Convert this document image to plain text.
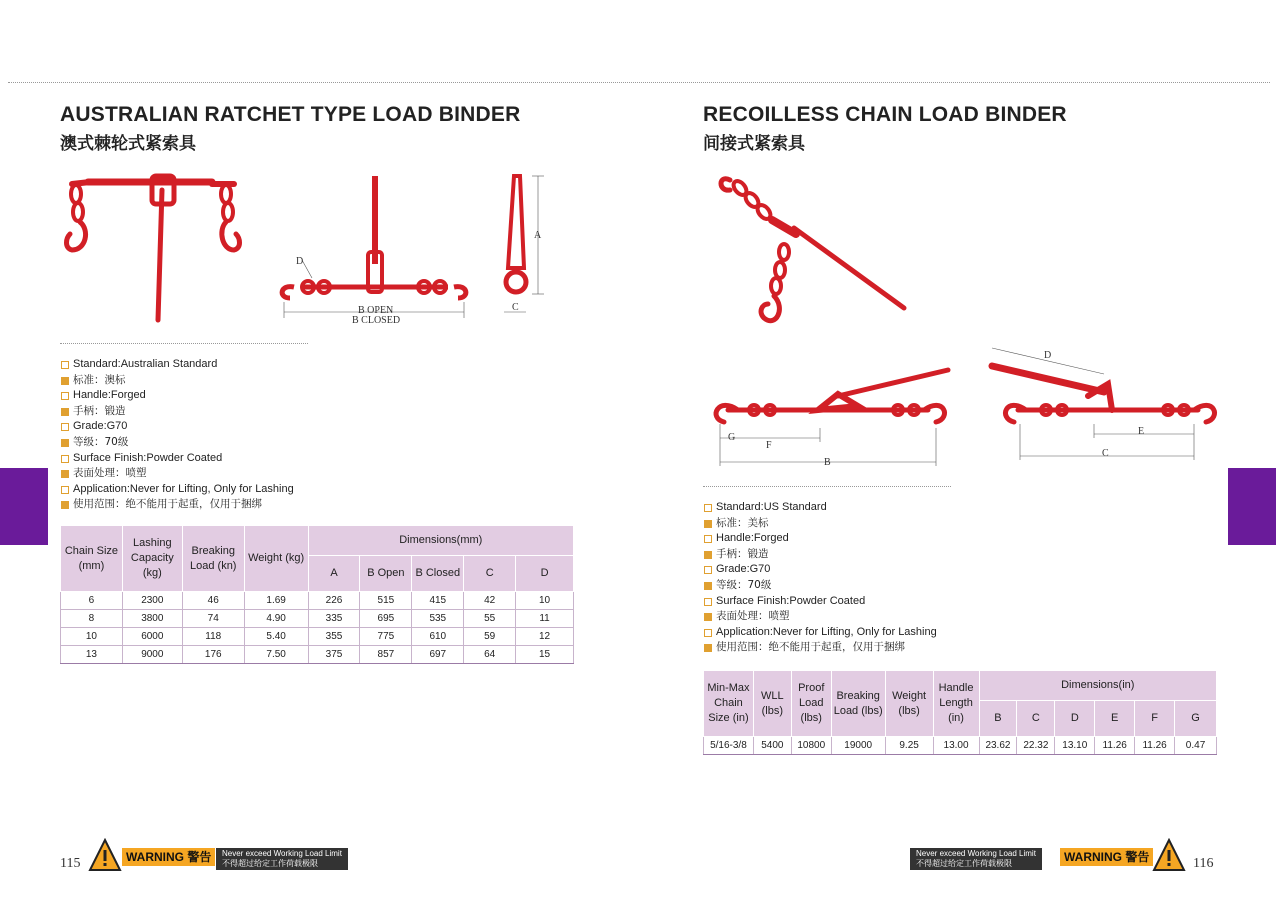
AUSTRALIAN RATCHET TYPE LOAD BINDER
澳式棘轮式紧索具
B OPEN
B CLOSED
D
A
C
Standard:Australian Standard
标准：澳标
Handle:Forged
手柄：锻造
Grade:G70
等级：70级
Surface Finish:Powder Coated
表面处理：喷塑
Application:Never for Lifting, Only for Lashing
使用范围：绝不能用于起重，仅用于捆绑
Chain Size (mm)	Lashing Capacity (kg)	Breaking Load (kn)	Weight (kg)	Dimensions(mm)				
				A	B Open	B Closed	C	D
6	2300	46	1.69	226	515	415	42	10
8	3800	74	4.90	335	695	535	55	11
10	6000	118	5.40	355	775	610	59	12
13	9000	176	7.50	375	857	697	64	15
115	WARNING 警告	Never exceed Working Load Limit
不得超过给定工作荷载极限
RECOILLESS CHAIN LOAD BINDER
间接式紧索具
F
B
G
D
E
C
Standard:US Standard
标准：美标
Handle:Forged
手柄：锻造
Grade:G70
等级：70级
Surface Finish:Powder Coated
表面处理：喷塑
Application:Never for Lifting, Only for Lashing
使用范围：绝不能用于起重，仅用于捆绑
Min-Max Chain Size (in)	WLL (lbs)	Proof Load (lbs)	Breaking Load (lbs)	Weight (lbs)	Handle Length (in)	Dimensions(in)					
						B	C	D	E	F	G
5/16-3/8	5400	10800	19000	9.25	13.00	23.62	22.32	13.10	11.26	11.26	0.47
Never exceed Working Load Limit
不得超过给定工作荷载极限	WARNING 警告	116
